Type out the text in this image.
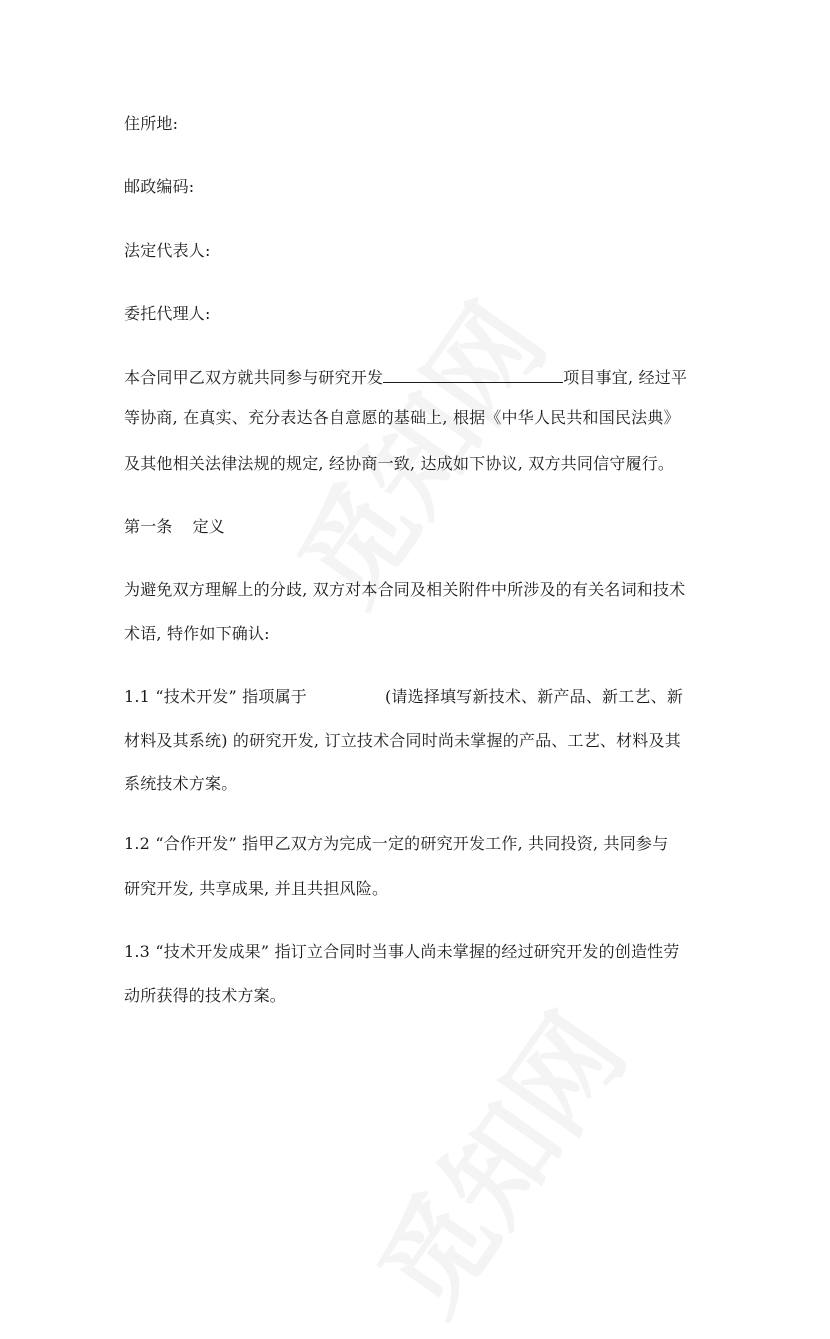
住所地:
邮政编码:
法定代表人:
委托代理人:
本合同甲乙双方就共同参与研究开发	项目事宜, 经过平
等协商, 在真实、充分表达各自意愿的基础上, 根据《中华人民共和国民法典》
及其他相关法律法规的规定, 经协商一致, 达成如下协议, 双方共同信守履行。
第一条 定义
为避免双方理解上的分歧, 双方对本合同及相关附件中所涉及的有关名词和技术
术语, 特作如下确认:
1.1 “技术开发” 指项属于	(请选择填写新技术、新产品、新工艺、新
材料及其系统) 的研究开发, 订立技术合同时尚未掌握的产品、工艺、材料及其
系统技术方案。
1.2 “合作开发” 指甲乙双方为完成一定的研究开发工作, 共同投资, 共同参与
研究开发, 共享成果, 并且共担风险。
1.3 “技术开发成果” 指订立合同时当事人尚未掌握的经过研究开发的创造性劳
动所获得的技术方案。
